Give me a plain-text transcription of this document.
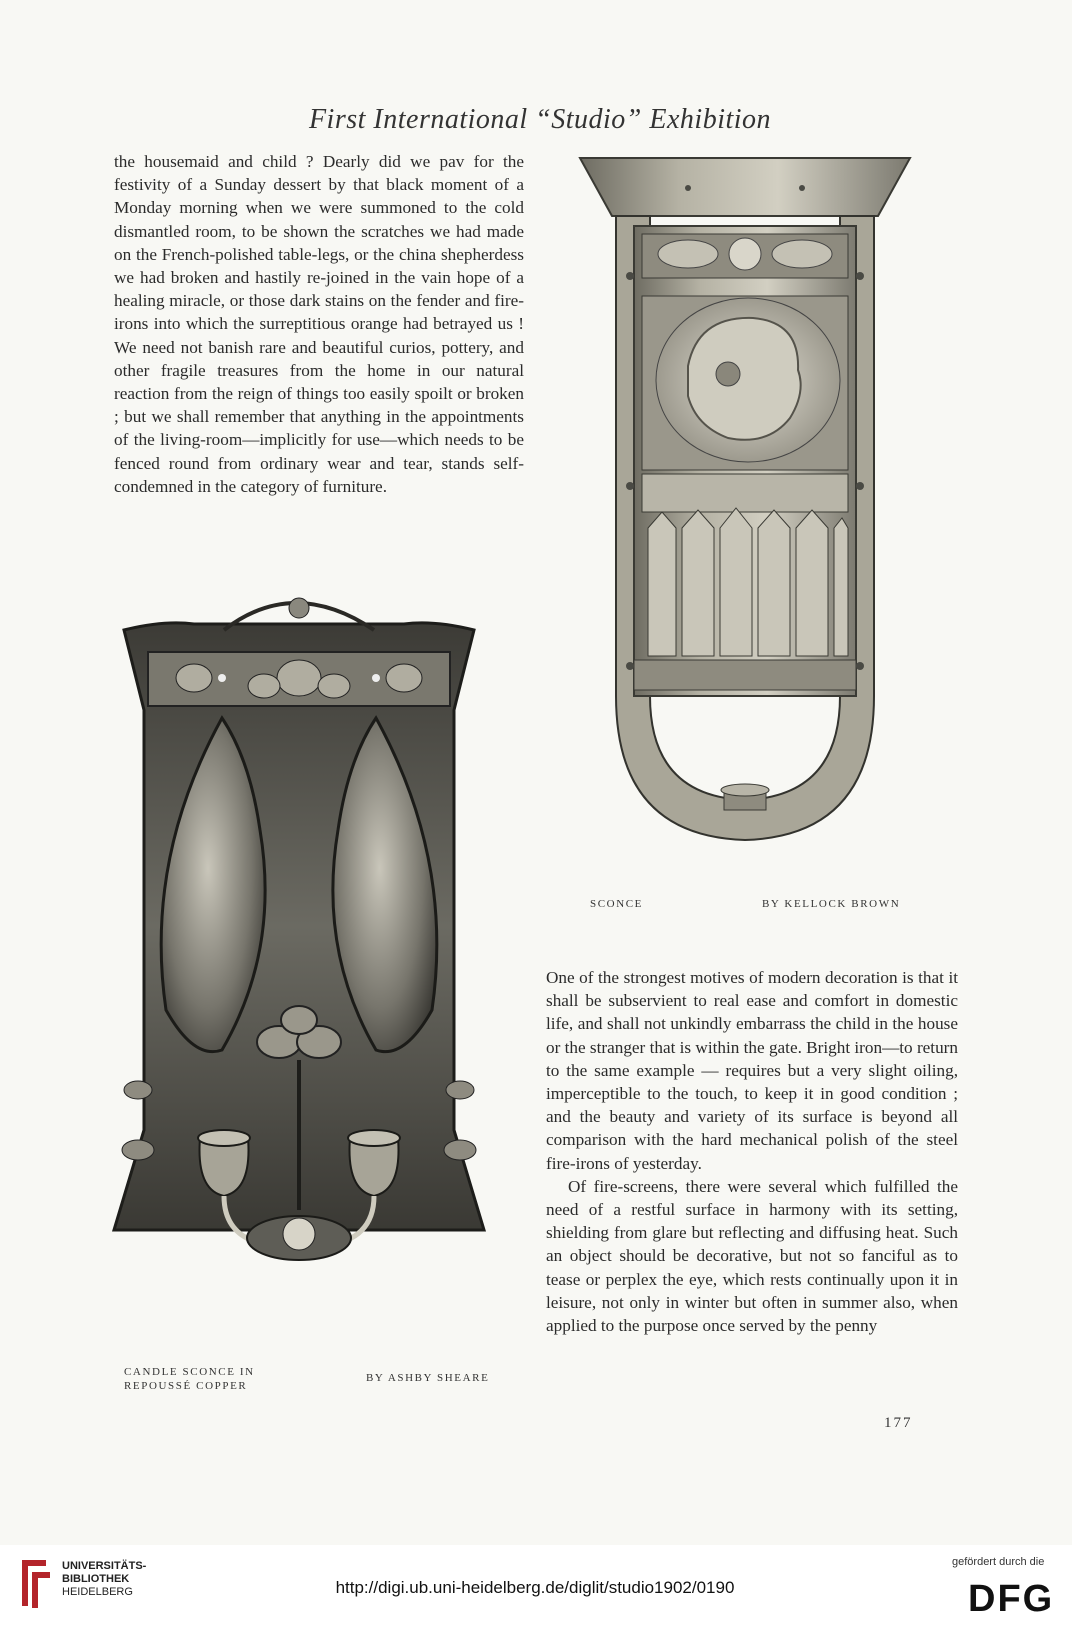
First International “Studio” Exhibition

the housemaid and child ? Dearly did we pav for the festivity of a Sunday dessert by that black moment of a Monday morning when we were summoned to the cold dismantled room, to be shown the scratches we had made on the French-polished table-legs, or the china shepherdess we had broken and hastily re-joined in the vain hope of a healing miracle, or those dark stains on the fender and fire-irons into which the surreptitious orange had betrayed us ! We need not banish rare and beautiful curios, pottery, and other fragile treasures from the home in our natural reaction from the reign of things too easily spoilt or broken ; but we shall remember that anything in the appointments of the living-room—implicitly for use—which needs to be fenced round from ordinary wear and tear, stands self-condemned in the category of furniture.

SCONCE	BY KELLOCK BROWN
CANDLE SCONCE IN
REPOUSSÉ COPPER
BY ASHBY SHEARE

One of the strongest motives of modern decoration is that it shall be subservient to real ease and comfort in domestic life, and shall not unkindly embarrass the child in the house or the stranger that is within the gate. Bright iron—to return to the same example — requires but a very slight oiling, imperceptible to the touch, to keep it in good condition ; and the beauty and variety of its surface is beyond all comparison with the hard mechanical polish of the steel fire-irons of yesterday.

Of fire-screens, there were several which fulfilled the need of a restful surface in harmony with its setting, shielding from glare but reflecting and diffusing heat. Such an object should be decorative, but not so fanciful as to tease or perplex the eye, which rests continually upon it in leisure, not only in winter but often in summer also, when applied to the purpose once served by the penny

177
UNIVERSITÄTS-
BIBLIOTHEK
HEIDELBERG	http://digi.ub.uni-heidelberg.de/diglit/studio1902/0190
gefördert durch die
DFG
